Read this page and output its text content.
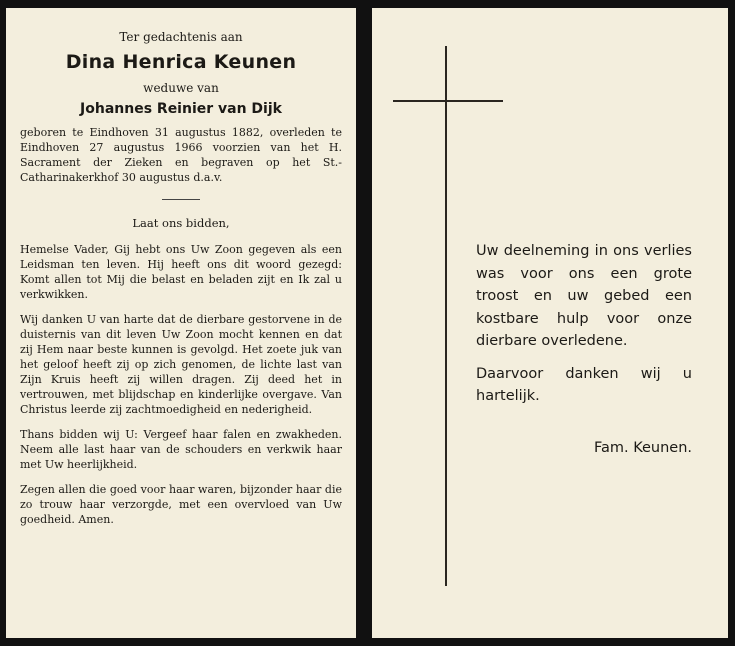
Ter gedachtenis aan

Dina Henrica Keunen

weduwe van

Johannes Reinier van Dijk

geboren te Eindhoven 31 augustus 1882, overleden te Eindhoven 27 augustus 1966 voorzien van het H. Sacrament der Zieken en begraven op het St.-Catharinakerkhof 30 augustus d.a.v.

Laat ons bidden,

Hemelse Vader, Gij hebt ons Uw Zoon gegeven als een Leidsman ten leven. Hij heeft ons dit woord gezegd: Komt allen tot Mij die belast en beladen zijt en Ik zal u verkwikken.

Wij danken U van harte dat de dierbare gestorvene in de duisternis van dit leven Uw Zoon mocht kennen en dat zij Hem naar beste kunnen is gevolgd. Het zoete juk van het geloof heeft zij op zich genomen, de lichte last van Zijn Kruis heeft zij willen dragen. Zij deed het in vertrouwen, met blijdschap en kinderlijke overgave. Van Christus leerde zij zachtmoedigheid en nederigheid.

Thans bidden wij U: Vergeef haar falen en zwakheden. Neem alle last haar van de schouders en verkwik haar met Uw heerlijkheid.

Zegen allen die goed voor haar waren, bijzonder haar die zo trouw haar verzorgde, met een overvloed van Uw goedheid. Amen.

Uw deelneming in ons verlies was voor ons een grote troost en uw gebed een kostbare hulp voor onze dierbare overledene.

Daarvoor danken wij u hartelijk.

Fam. Keunen.
